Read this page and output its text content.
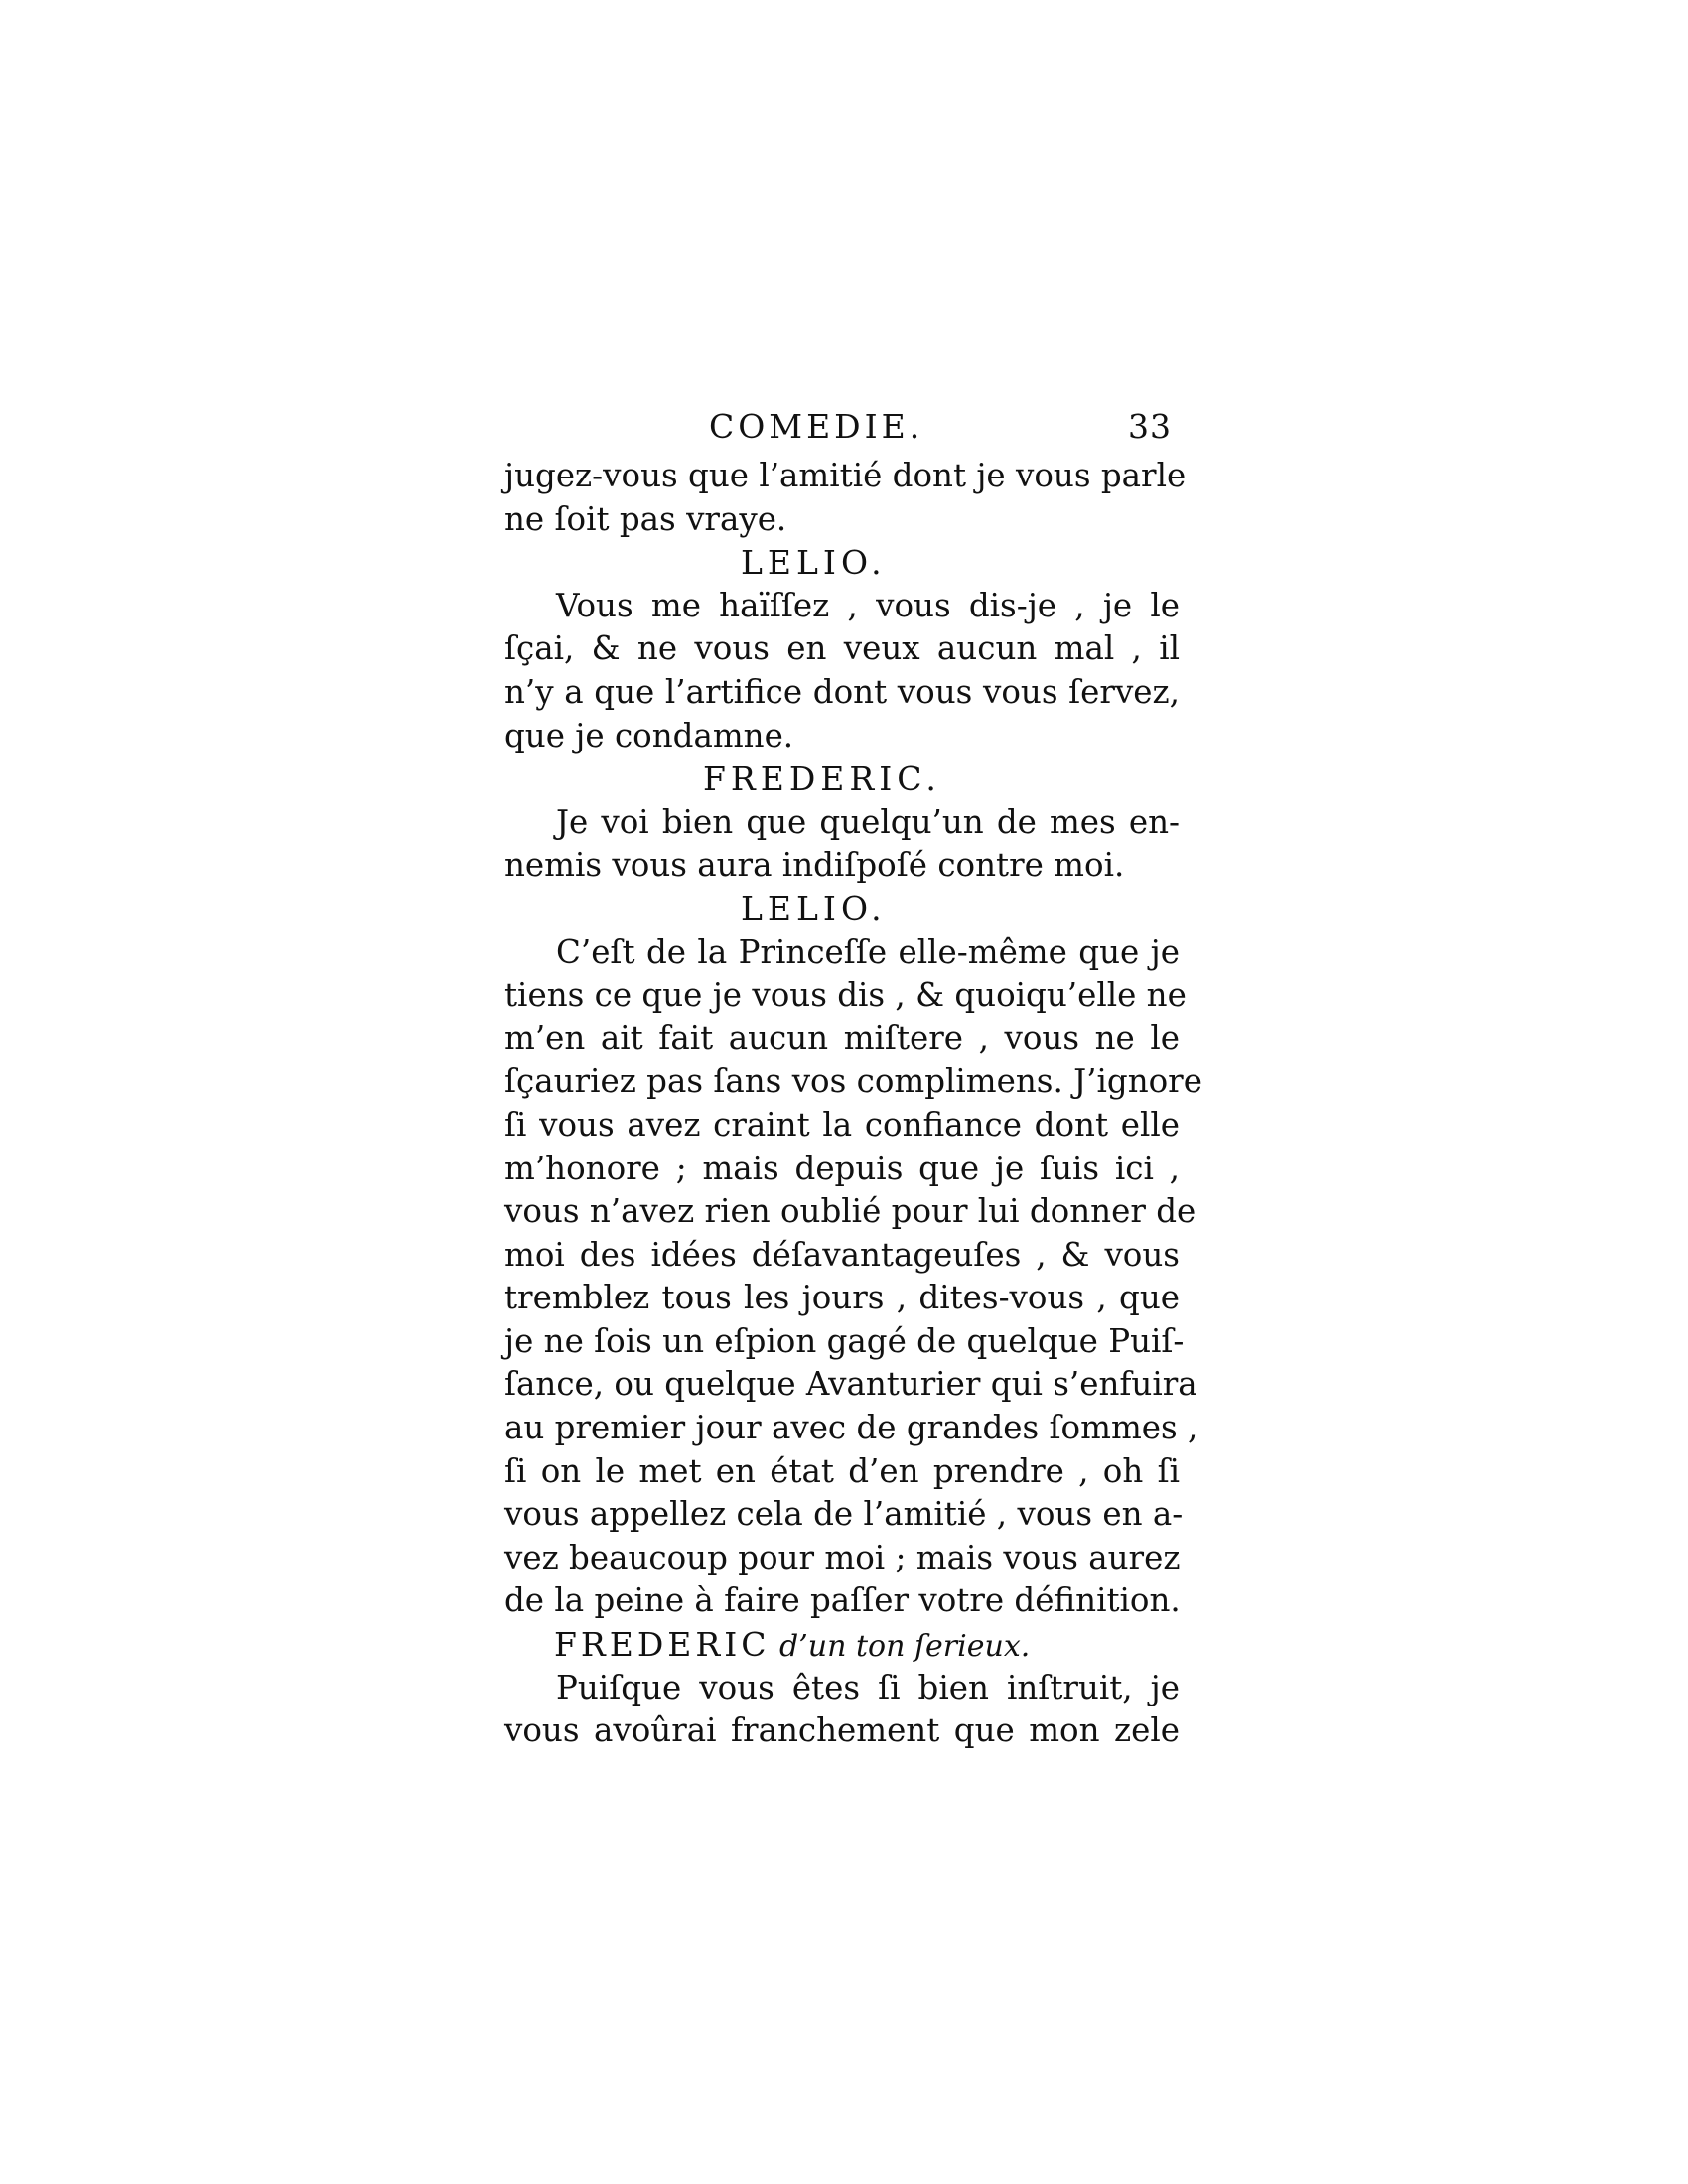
COMEDIE.	33
jugez-vous que l’amitié dont je vous parle
ne ſoit pas vraye.
LELIO.
Vous me haïſſez , vous dis-je , je le
ſçai, & ne vous en veux aucun mal , il
n’y a que l’artifice dont vous vous ſervez,
que je condamne.
FREDERIC.
Je voi bien que quelqu’un de mes en-
nemis vous aura indiſpoſé contre moi.
LELIO.
C’eſt de la Princeſſe elle-même que je
tiens ce que je vous dis , & quoiqu’elle ne
m’en ait fait aucun miſtere , vous ne le
ſçauriez pas ſans vos complimens. J’ignore
ſi vous avez craint la confiance dont elle
m’honore ; mais depuis que je ſuis ici ,
vous n’avez rien oublié pour lui donner de
moi des idées déſavantageuſes , & vous
tremblez tous les jours , dites-vous , que
je ne ſois un eſpion gagé de quelque Puiſ-
ſance, ou quelque Avanturier qui s’enfuira
au premier jour avec de grandes ſommes ,
ſi on le met en état d’en prendre , oh ſi
vous appellez cela de l’amitié , vous en a-
vez beaucoup pour moi ; mais vous aurez
de la peine à faire paſſer votre définition.
FREDERIC d’un ton ſerieux.
Puiſque vous êtes ſi bien inſtruit, je
vous avoûrai franchement que mon zele
